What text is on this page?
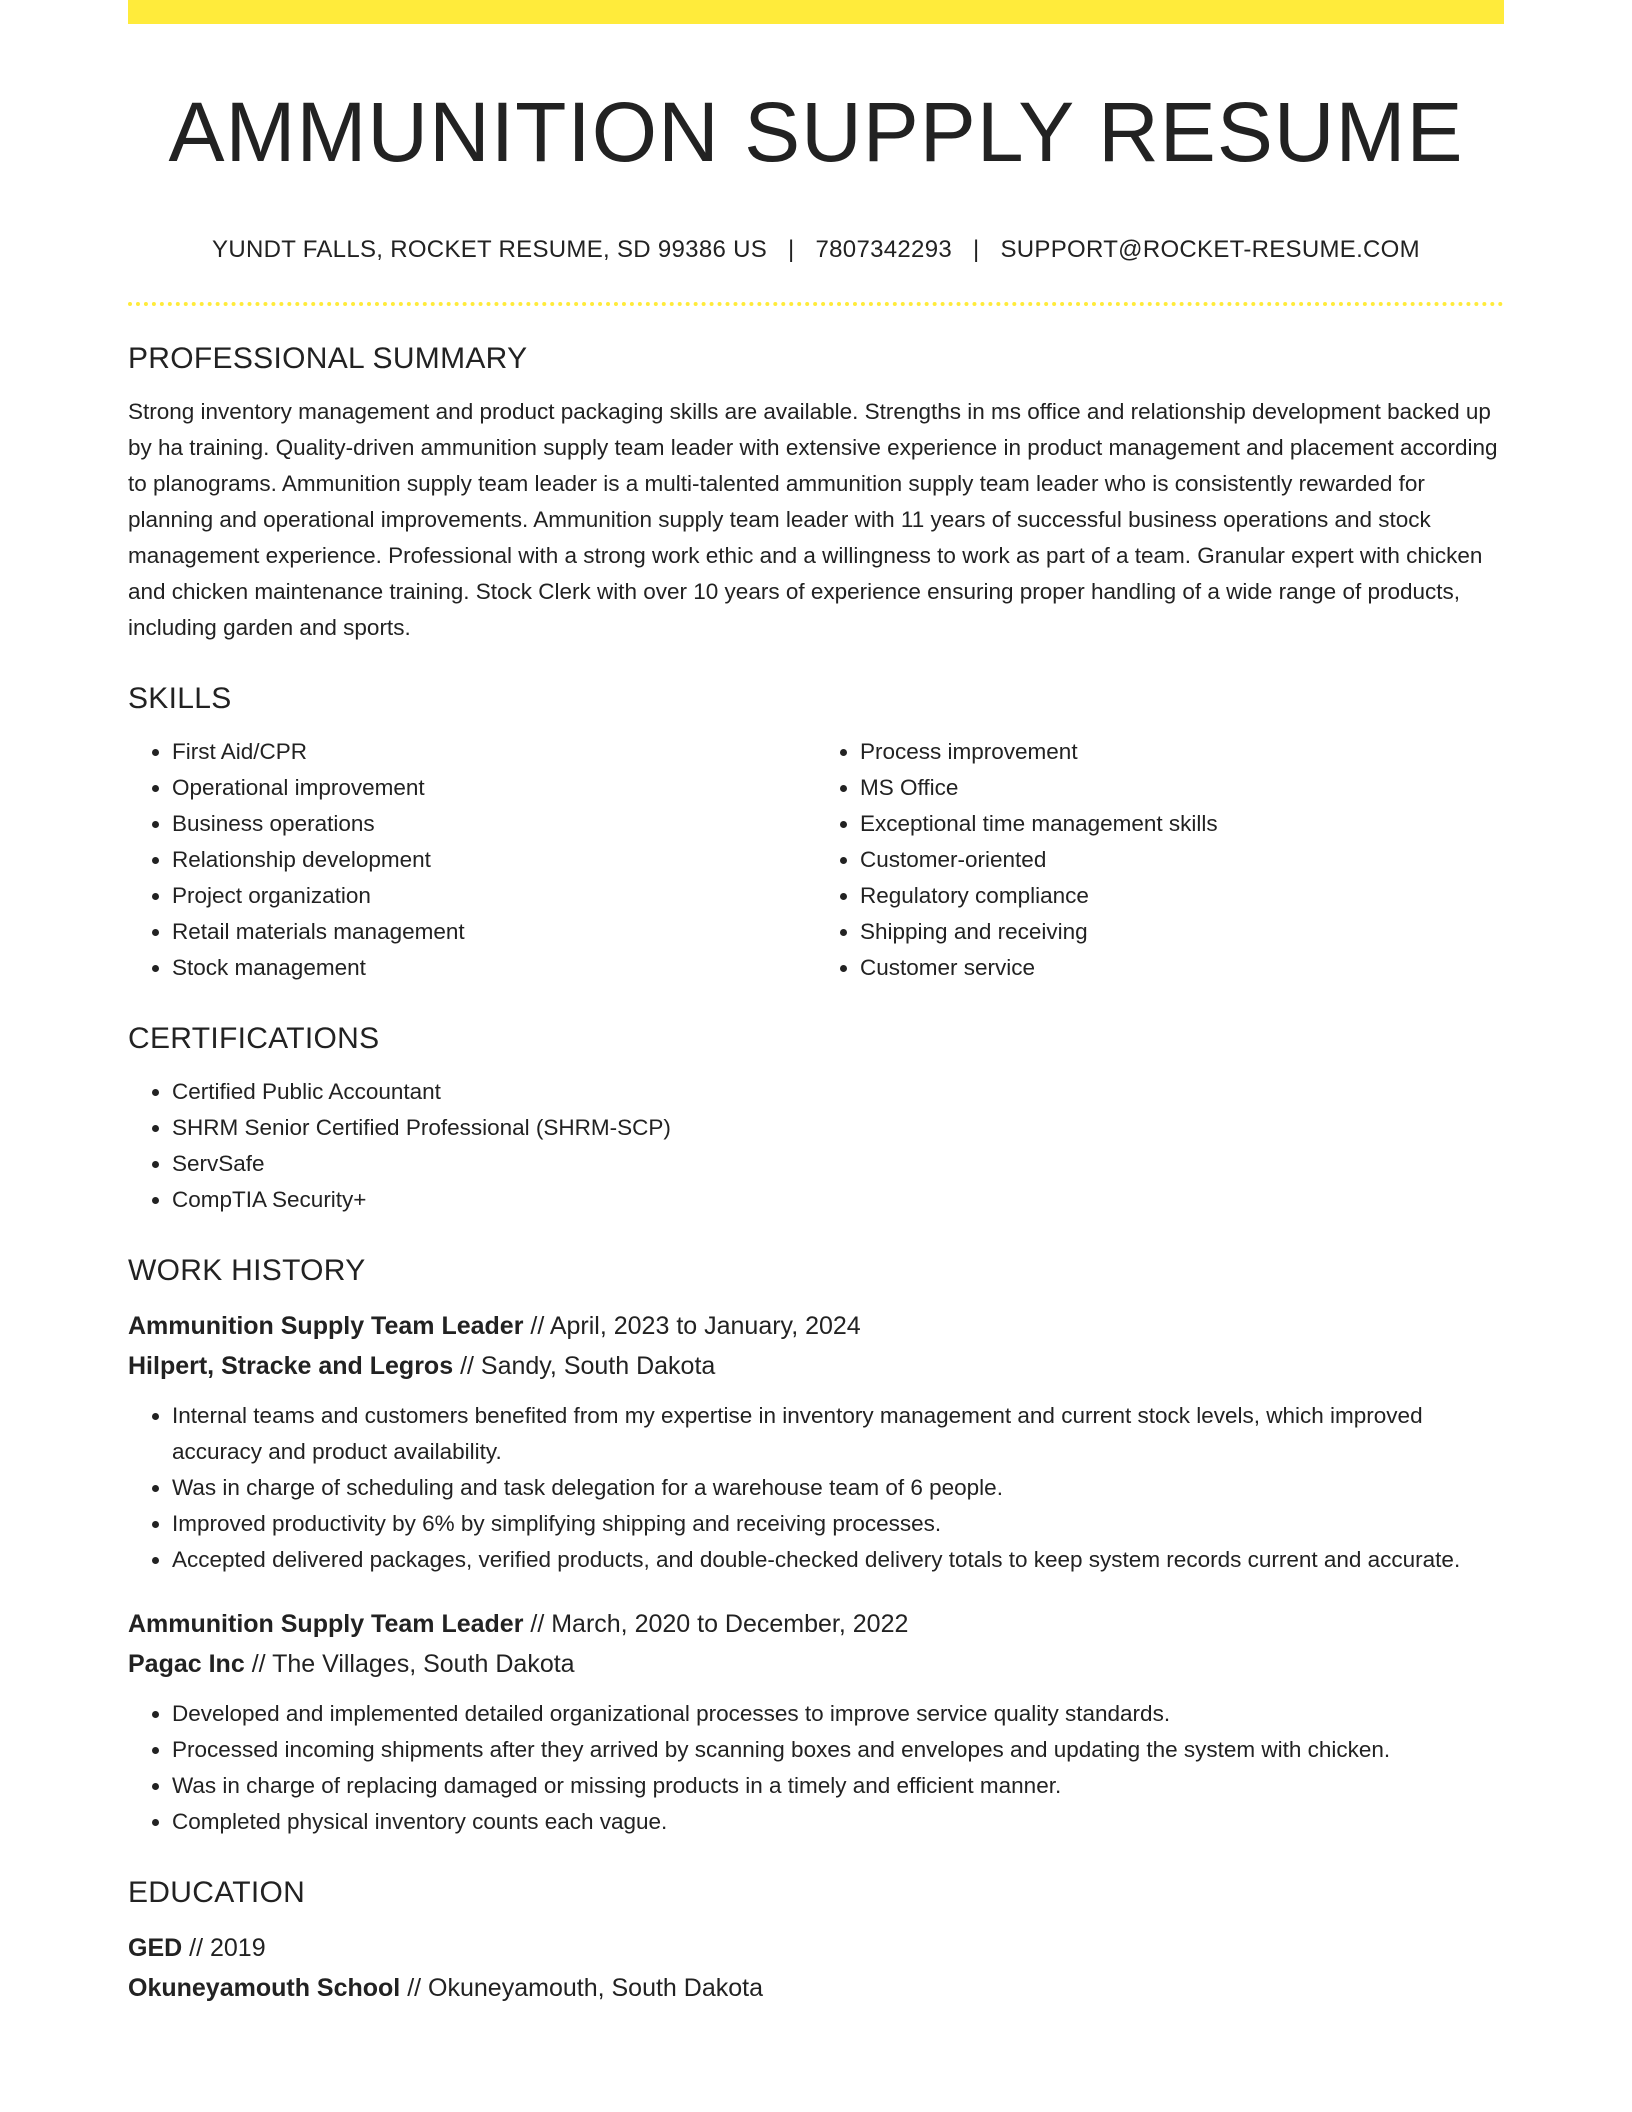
AMMUNITION SUPPLY RESUME
YUNDT FALLS, ROCKET RESUME, SD 99386 US | 7807342293 | SUPPORT@ROCKET-RESUME.COM
PROFESSIONAL SUMMARY

Strong inventory management and product packaging skills are available. Strengths in ms office and relationship development backed up by ha training. Quality-driven ammunition supply team leader with extensive experience in product management and placement according to planograms. Ammunition supply team leader is a multi-talented ammunition supply team leader who is consistently rewarded for planning and operational improvements. Ammunition supply team leader with 11 years of successful business operations and stock management experience. Professional with a strong work ethic and a willingness to work as part of a team. Granular expert with chicken and chicken maintenance training. Stock Clerk with over 10 years of experience ensuring proper handling of a wide range of products, including garden and sports.

SKILLS
• First Aid/CPR
• Operational improvement
• Business operations
• Relationship development
• Project organization
• Retail materials management
• Stock management
• Process improvement
• MS Office
• Exceptional time management skills
• Customer-oriented
• Regulatory compliance
• Shipping and receiving
• Customer service
CERTIFICATIONS
• Certified Public Accountant
• SHRM Senior Certified Professional (SHRM-SCP)
• ServSafe
• CompTIA Security+
WORK HISTORY
Ammunition Supply Team Leader // April, 2023 to January, 2024
Hilpert, Stracke and Legros // Sandy, South Dakota
• Internal teams and customers benefited from my expertise in inventory management and current stock levels, which improved accuracy and product availability.
• Was in charge of scheduling and task delegation for a warehouse team of 6 people.
• Improved productivity by 6% by simplifying shipping and receiving processes.
• Accepted delivered packages, verified products, and double-checked delivery totals to keep system records current and accurate.
Ammunition Supply Team Leader // March, 2020 to December, 2022
Pagac Inc // The Villages, South Dakota
• Developed and implemented detailed organizational processes to improve service quality standards.
• Processed incoming shipments after they arrived by scanning boxes and envelopes and updating the system with chicken.
• Was in charge of replacing damaged or missing products in a timely and efficient manner.
• Completed physical inventory counts each vague.
EDUCATION
GED // 2019
Okuneyamouth School // Okuneyamouth, South Dakota
